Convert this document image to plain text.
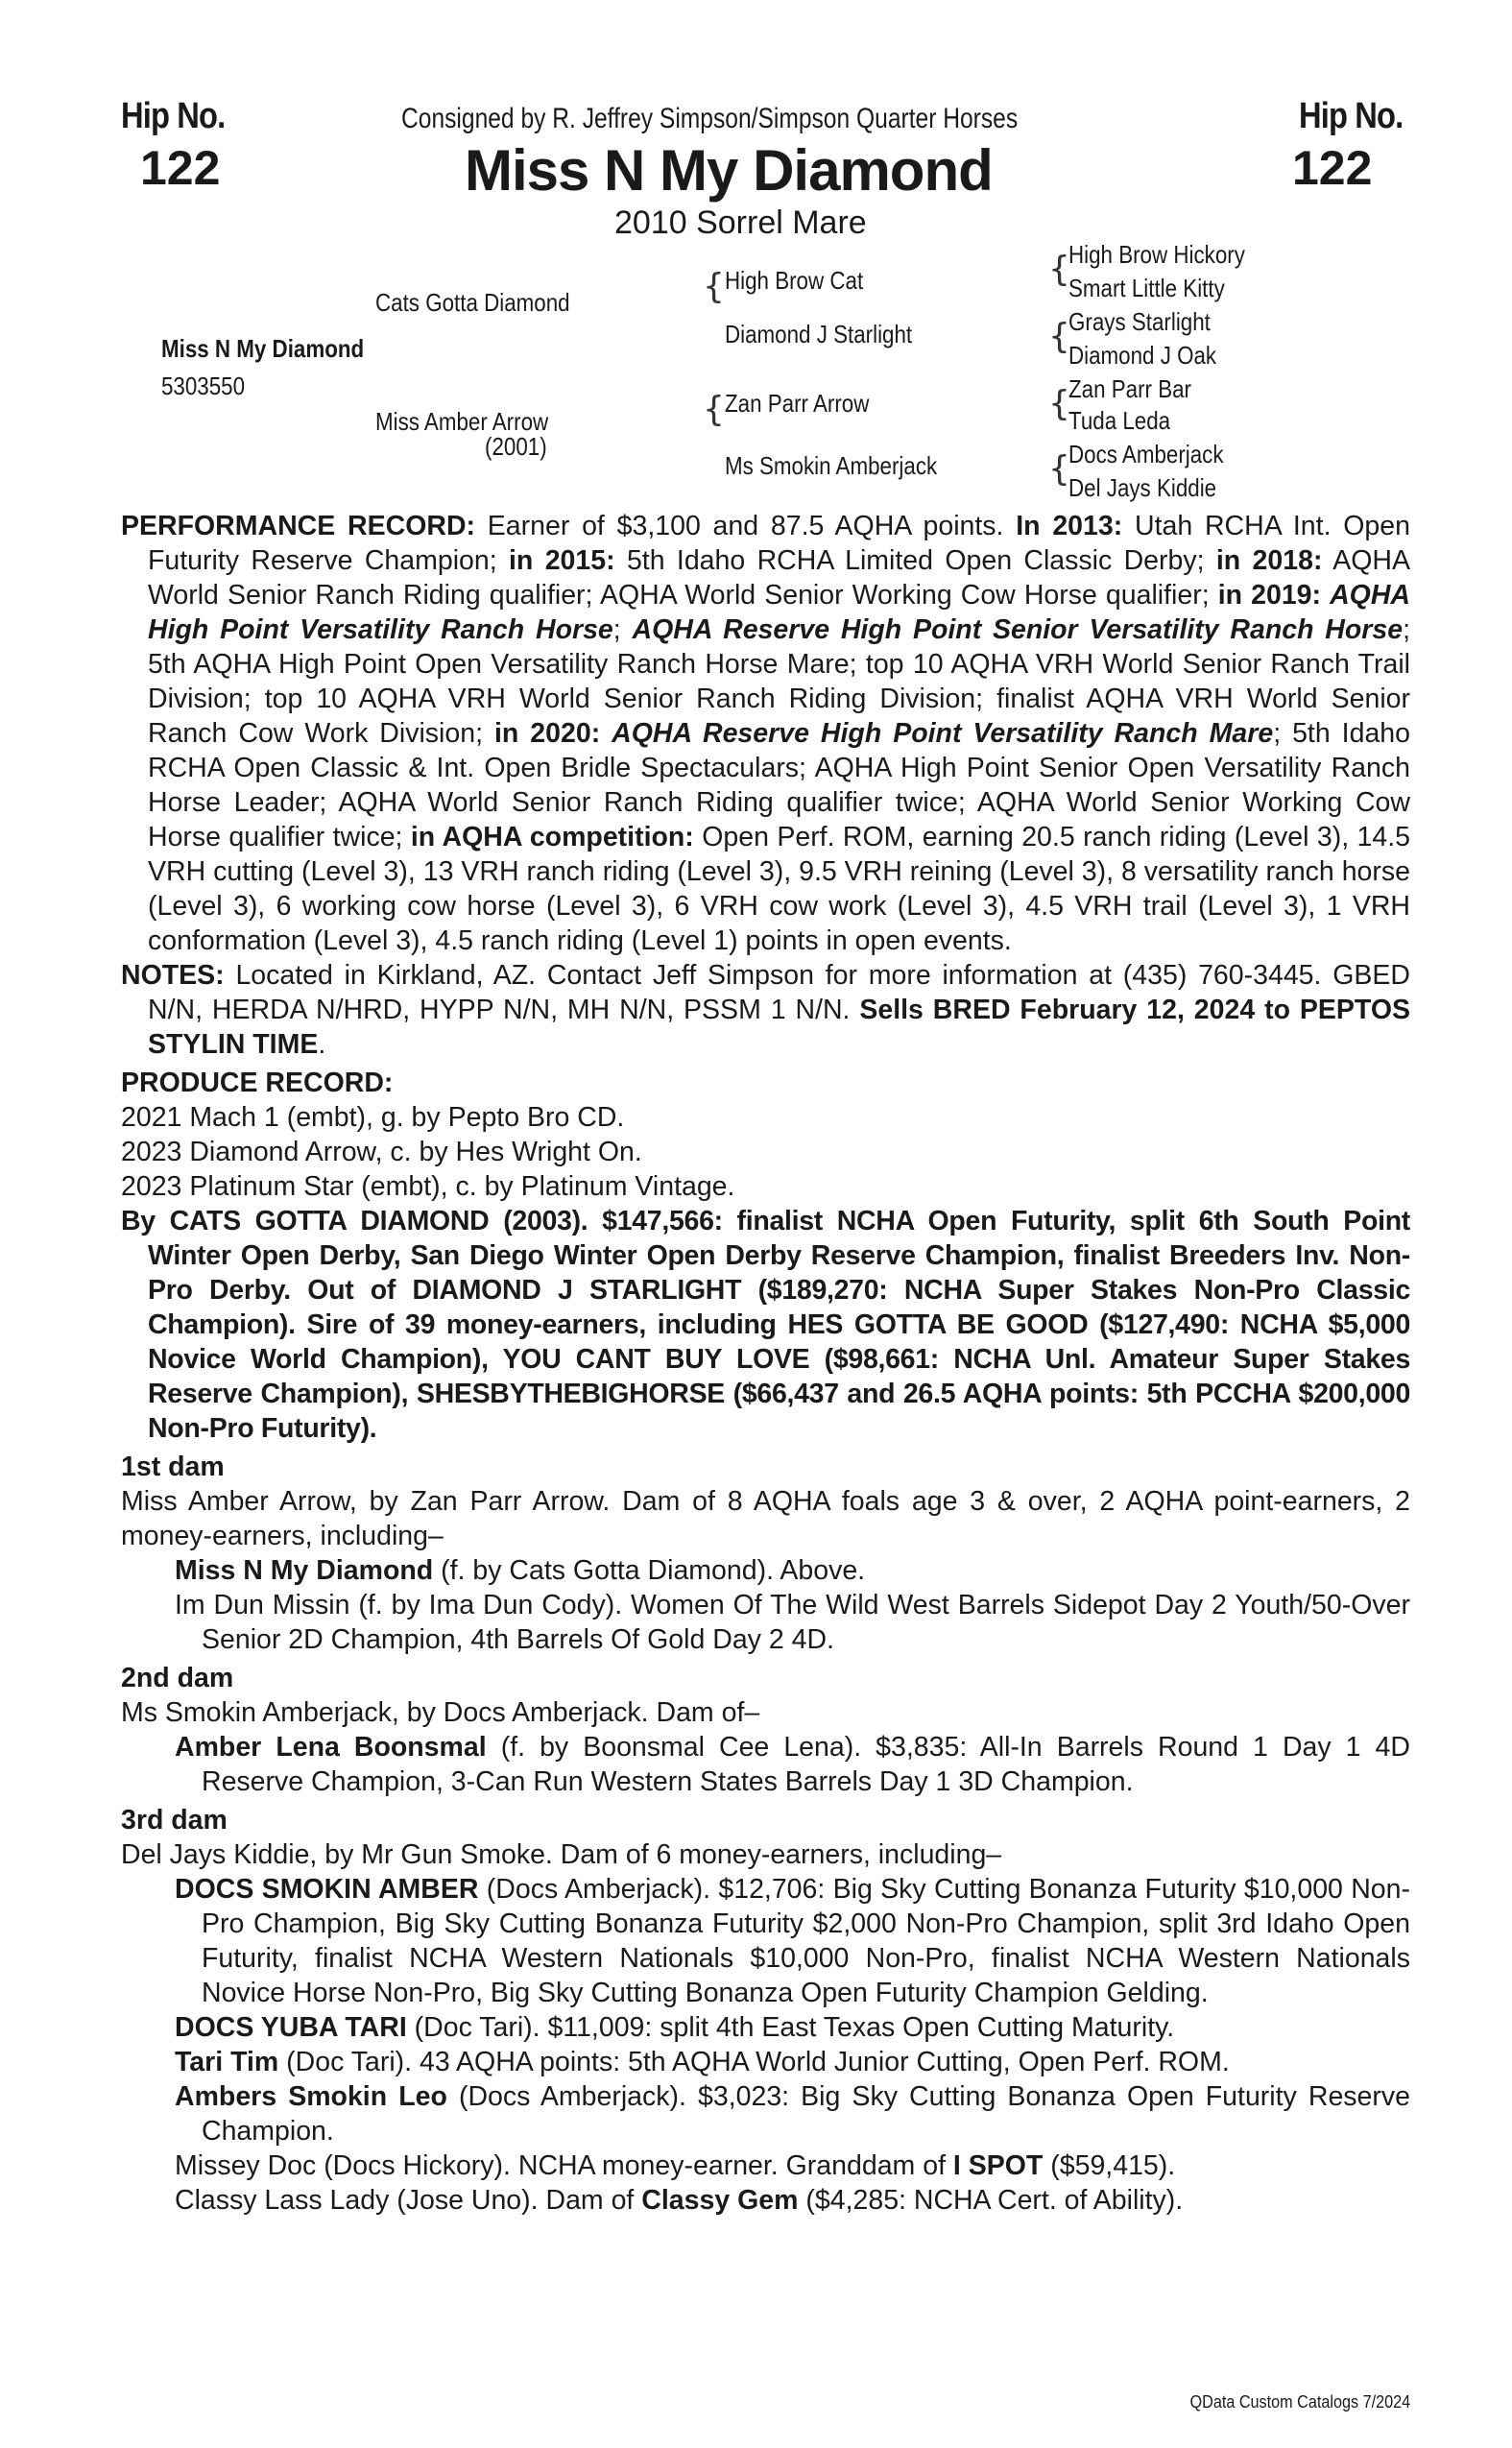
Hip No.
122
Hip No.
122
Consigned by R. Jeffrey Simpson/Simpson Quarter Horses
Miss N My Diamond
2010 Sorrel Mare
Miss N My Diamond
5303550
Cats Gotta Diamond
Miss Amber Arrow
(2001)
{ High Brow Cat
Diamond J Starlight
{ Zan Parr Arrow
Ms Smokin Amberjack
{
High Brow Hickory
Smart Little Kitty
{
Grays Starlight
Diamond J Oak
{
Zan Parr Bar
Tuda Leda
{
Docs Amberjack
Del Jays Kiddie

PERFORMANCE RECORD: Earner of $3,100 and 87.5 AQHA points. In 2013: Utah RCHA Int. Open Futurity Reserve Champion; in 2015: 5th Idaho RCHA Limited Open Classic Derby; in 2018: AQHA World Senior Ranch Riding qualifier; AQHA World Senior Working Cow Horse qualifier; in 2019: AQHA High Point Versatility Ranch Horse; AQHA Reserve High Point Senior Versatility Ranch Horse; 5th AQHA High Point Open Versatility Ranch Horse Mare; top 10 AQHA VRH World Senior Ranch Trail Division; top 10 AQHA VRH World Senior Ranch Riding Division; finalist AQHA VRH World Senior Ranch Cow Work Division; in 2020: AQHA Reserve High Point Versatility Ranch Mare; 5th Idaho RCHA Open Classic & Int. Open Bridle Spectaculars; AQHA High Point Senior Open Versatility Ranch Horse Leader; AQHA World Senior Ranch Riding qualifier twice; AQHA World Senior Working Cow Horse qualifier twice; in AQHA competition: Open Perf. ROM, earning 20.5 ranch riding (Level 3), 14.5 VRH cutting (Level 3), 13 VRH ranch riding (Level 3), 9.5 VRH reining (Level 3), 8 versatility ranch horse (Level 3), 6 working cow horse (Level 3), 6 VRH cow work (Level 3), 4.5 VRH trail (Level 3), 1 VRH conformation (Level 3), 4.5 ranch riding (Level 1) points in open events.

NOTES: Located in Kirkland, AZ. Contact Jeff Simpson for more information at (435) 760-3445. GBED N/N, HERDA N/HRD, HYPP N/N, MH N/N, PSSM 1 N/N. Sells BRED February 12, 2024 to PEPTOS STYLIN TIME.

PRODUCE RECORD:

2021 Mach 1 (embt), g. by Pepto Bro CD.

2023 Diamond Arrow, c. by Hes Wright On.

2023 Platinum Star (embt), c. by Platinum Vintage.

By CATS GOTTA DIAMOND (2003). $147,566: finalist NCHA Open Futurity, split 6th South Point Winter Open Derby, San Diego Winter Open Derby Reserve Champion, finalist Breeders Inv. Non-Pro Derby. Out of DIAMOND J STARLIGHT ($189,270: NCHA Super Stakes Non-Pro Classic Champion). Sire of 39 money-earners, including HES GOTTA BE GOOD ($127,490: NCHA $5,000 Novice World Champion), YOU CANT BUY LOVE ($98,661: NCHA Unl. Amateur Super Stakes Reserve Champion), SHESBYTHEBIGHORSE ($66,437 and 26.5 AQHA points: 5th PCCHA $200,000 Non-Pro Futurity).

1st dam

Miss Amber Arrow, by Zan Parr Arrow. Dam of 8 AQHA foals age 3 & over, 2 AQHA point-earners, 2 money-earners, including–

Miss N My Diamond (f. by Cats Gotta Diamond). Above.

Im Dun Missin (f. by Ima Dun Cody). Women Of The Wild West Barrels Sidepot Day 2 Youth/50-Over Senior 2D Champion, 4th Barrels Of Gold Day 2 4D.

2nd dam

Ms Smokin Amberjack, by Docs Amberjack. Dam of–

Amber Lena Boonsmal (f. by Boonsmal Cee Lena). $3,835: All-In Barrels Round 1 Day 1 4D Reserve Champion, 3-Can Run Western States Barrels Day 1 3D Champion.

3rd dam

Del Jays Kiddie, by Mr Gun Smoke. Dam of 6 money-earners, including–

DOCS SMOKIN AMBER (Docs Amberjack). $12,706: Big Sky Cutting Bonanza Futurity $10,000 Non-Pro Champion, Big Sky Cutting Bonanza Futurity $2,000 Non-Pro Champion, split 3rd Idaho Open Futurity, finalist NCHA Western Nationals $10,000 Non-Pro, finalist NCHA Western Nationals Novice Horse Non-Pro, Big Sky Cutting Bonanza Open Futurity Champion Gelding.

DOCS YUBA TARI (Doc Tari). $11,009: split 4th East Texas Open Cutting Maturity.

Tari Tim (Doc Tari). 43 AQHA points: 5th AQHA World Junior Cutting, Open Perf. ROM.

Ambers Smokin Leo (Docs Amberjack). $3,023: Big Sky Cutting Bonanza Open Futurity Reserve Champion.

Missey Doc (Docs Hickory). NCHA money-earner. Granddam of I SPOT ($59,415).

Classy Lass Lady (Jose Uno). Dam of Classy Gem ($4,285: NCHA Cert. of Ability).

QData Custom Catalogs 7/2024
